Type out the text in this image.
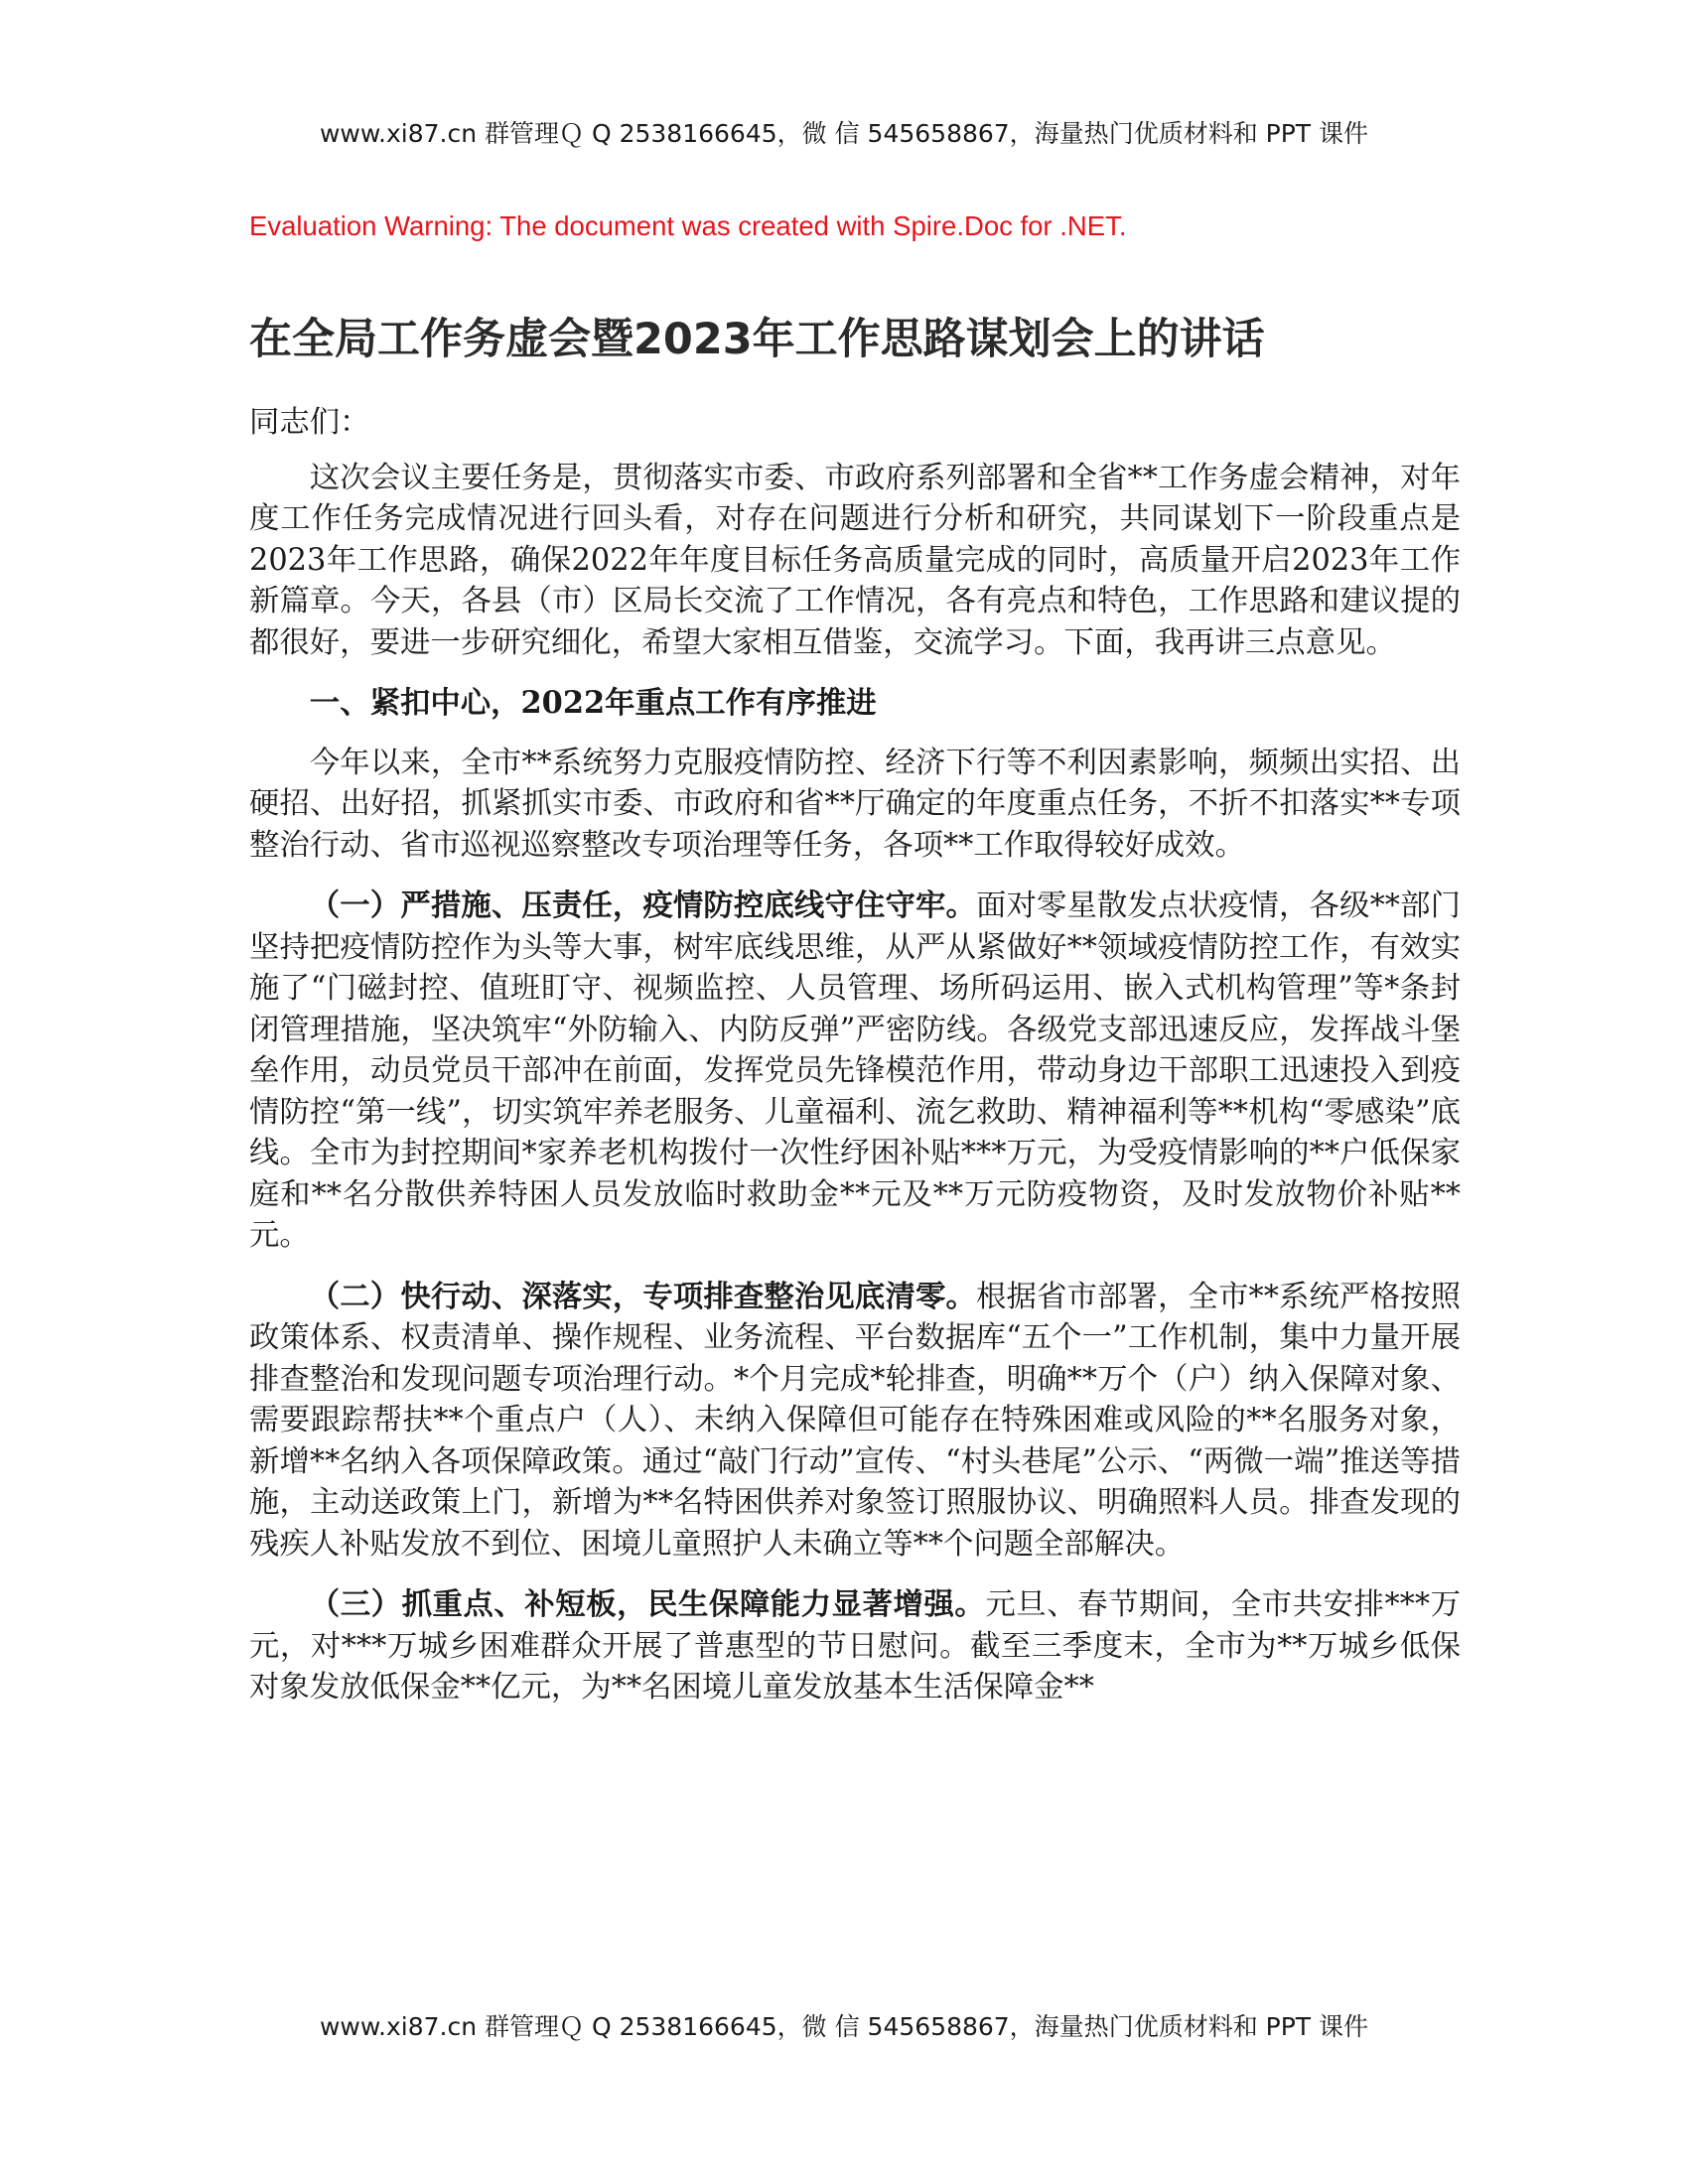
www.xi87.cn 群管理Ｑ Q 2538166645，微 信 545658867，海量热门优质材料和 PPT 课件
Evaluation Warning: The document was created with Spire.Doc for .NET.
在全局工作务虚会暨2023年工作思路谋划会上的讲话

同志们：

这次会议主要任务是，贯彻落实市委、市政府系列部署和全省**工作务虚会精神，对年度工作任务完成情况进行回头看，对存在问题进行分析和研究，共同谋划下一阶段重点是2023年工作思路，确保2022年年度目标任务高质量完成的同时，高质量开启2023年工作新篇章。今天，各县（市）区局长交流了工作情况，各有亮点和特色，工作思路和建议提的都很好，要进一步研究细化，希望大家相互借鉴，交流学习。下面，我再讲三点意见。

一、紧扣中心，2022年重点工作有序推进

今年以来，全市**系统努力克服疫情防控、经济下行等不利因素影响，频频出实招、出硬招、出好招，抓紧抓实市委、市政府和省**厅确定的年度重点任务，不折不扣落实**专项整治行动、省市巡视巡察整改专项治理等任务，各项**工作取得较好成效。

（一）严措施、压责任，疫情防控底线守住守牢。面对零星散发点状疫情，各级**部门坚持把疫情防控作为头等大事，树牢底线思维，从严从紧做好**领域疫情防控工作，有效实施了“门磁封控、值班盯守、视频监控、人员管理、场所码运用、嵌入式机构管理”等*条封闭管理措施，坚决筑牢“外防输入、内防反弹”严密防线。各级党支部迅速反应，发挥战斗堡垒作用，动员党员干部冲在前面，发挥党员先锋模范作用，带动身边干部职工迅速投入到疫情防控“第一线”，切实筑牢养老服务、儿童福利、流乞救助、精神福利等**机构“零感染”底线。全市为封控期间*家养老机构拨付一次性纾困补贴***万元，为受疫情影响的**户低保家庭和**名分散供养特困人员发放临时救助金**元及**万元防疫物资，及时发放物价补贴**元。

（二）快行动、深落实，专项排查整治见底清零。根据省市部署，全市**系统严格按照政策体系、权责清单、操作规程、业务流程、平台数据库“五个一”工作机制，集中力量开展排查整治和发现问题专项治理行动。*个月完成*轮排查，明确**万个（户）纳入保障对象、需要跟踪帮扶**个重点户（人）、未纳入保障但可能存在特殊困难或风险的**名服务对象，新增**名纳入各项保障政策。通过“敲门行动”宣传、“村头巷尾”公示、“两微一端”推送等措施，主动送政策上门，新增为**名特困供养对象签订照服协议、明确照料人员。排查发现的残疾人补贴发放不到位、困境儿童照护人未确立等**个问题全部解决。

（三）抓重点、补短板，民生保障能力显著增强。元旦、春节期间，全市共安排***万元，对***万城乡困难群众开展了普惠型的节日慰问。截至三季度末，全市为**万城乡低保对象发放低保金**亿元，为**名困境儿童发放基本生活保障金**

www.xi87.cn 群管理Ｑ Q 2538166645，微 信 545658867，海量热门优质材料和 PPT 课件
